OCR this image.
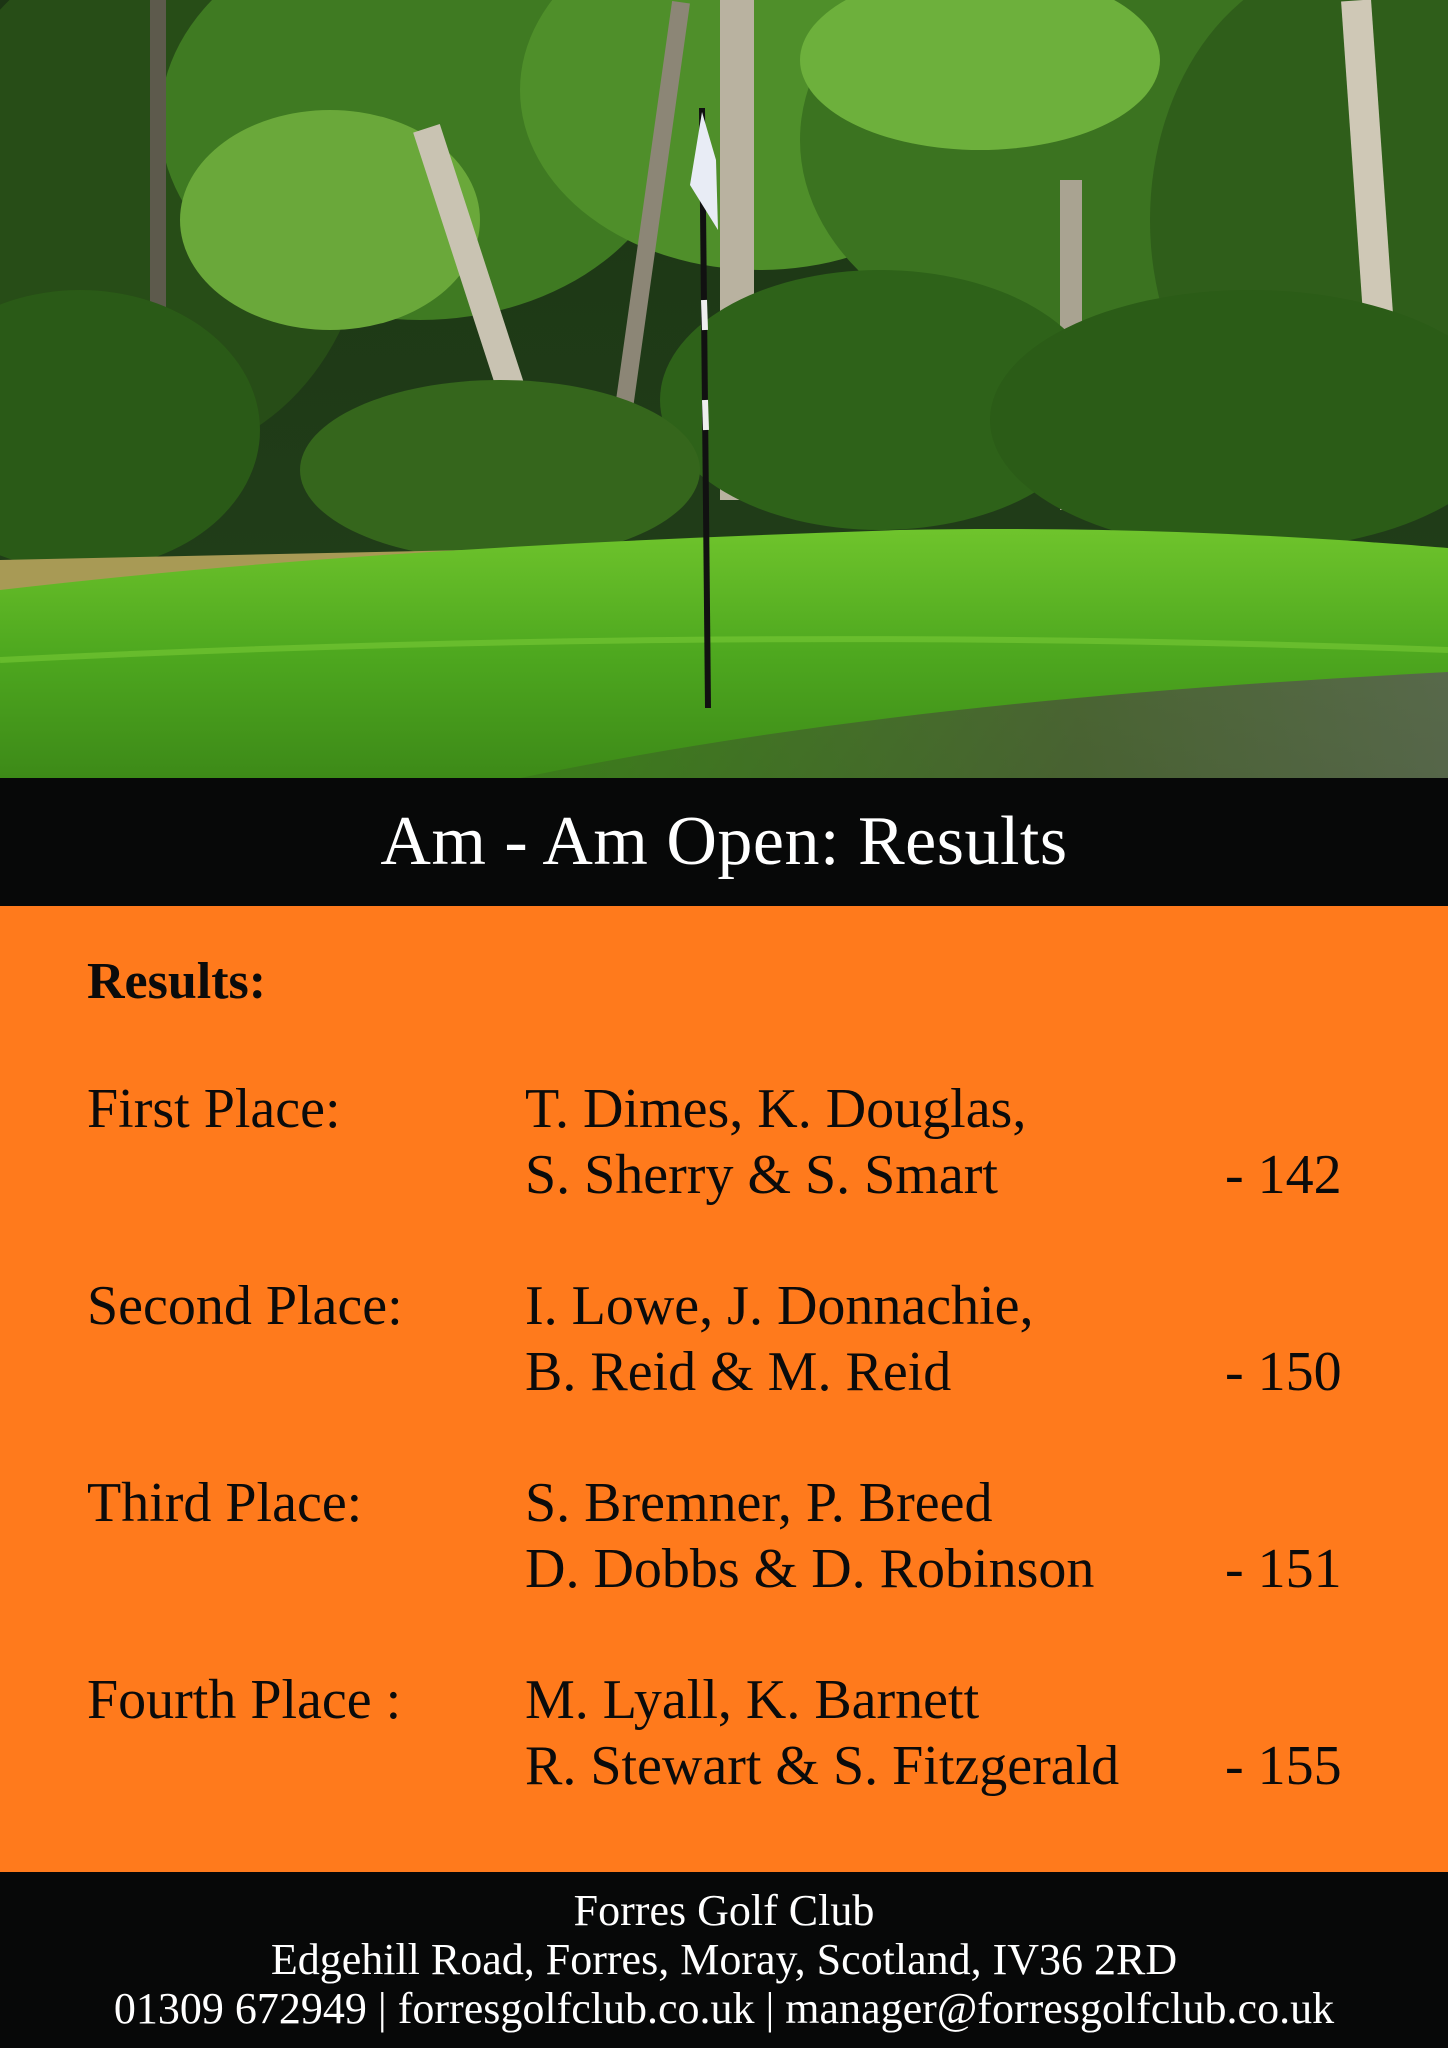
Am - Am Open: Results
Results:
First Place:	T. Dimes, K. Douglas,
S. Sherry & S. Smart	- 142
Second Place: I. Lowe, J. Donnachie,
B. Reid & M. Reid	- 150
Third Place:	S. Bremner, P. Breed
D. Dobbs & D. Robinson - 151
Fourth Place : M. Lyall, K. Barnett
R. Stewart & S. Fitzgerald - 155
Forres Golf Club
Edgehill Road, Forres, Moray, Scotland, IV36 2RD
01309 672949 | forresgolfclub.co.uk | manager@forresgolfclub.co.uk
